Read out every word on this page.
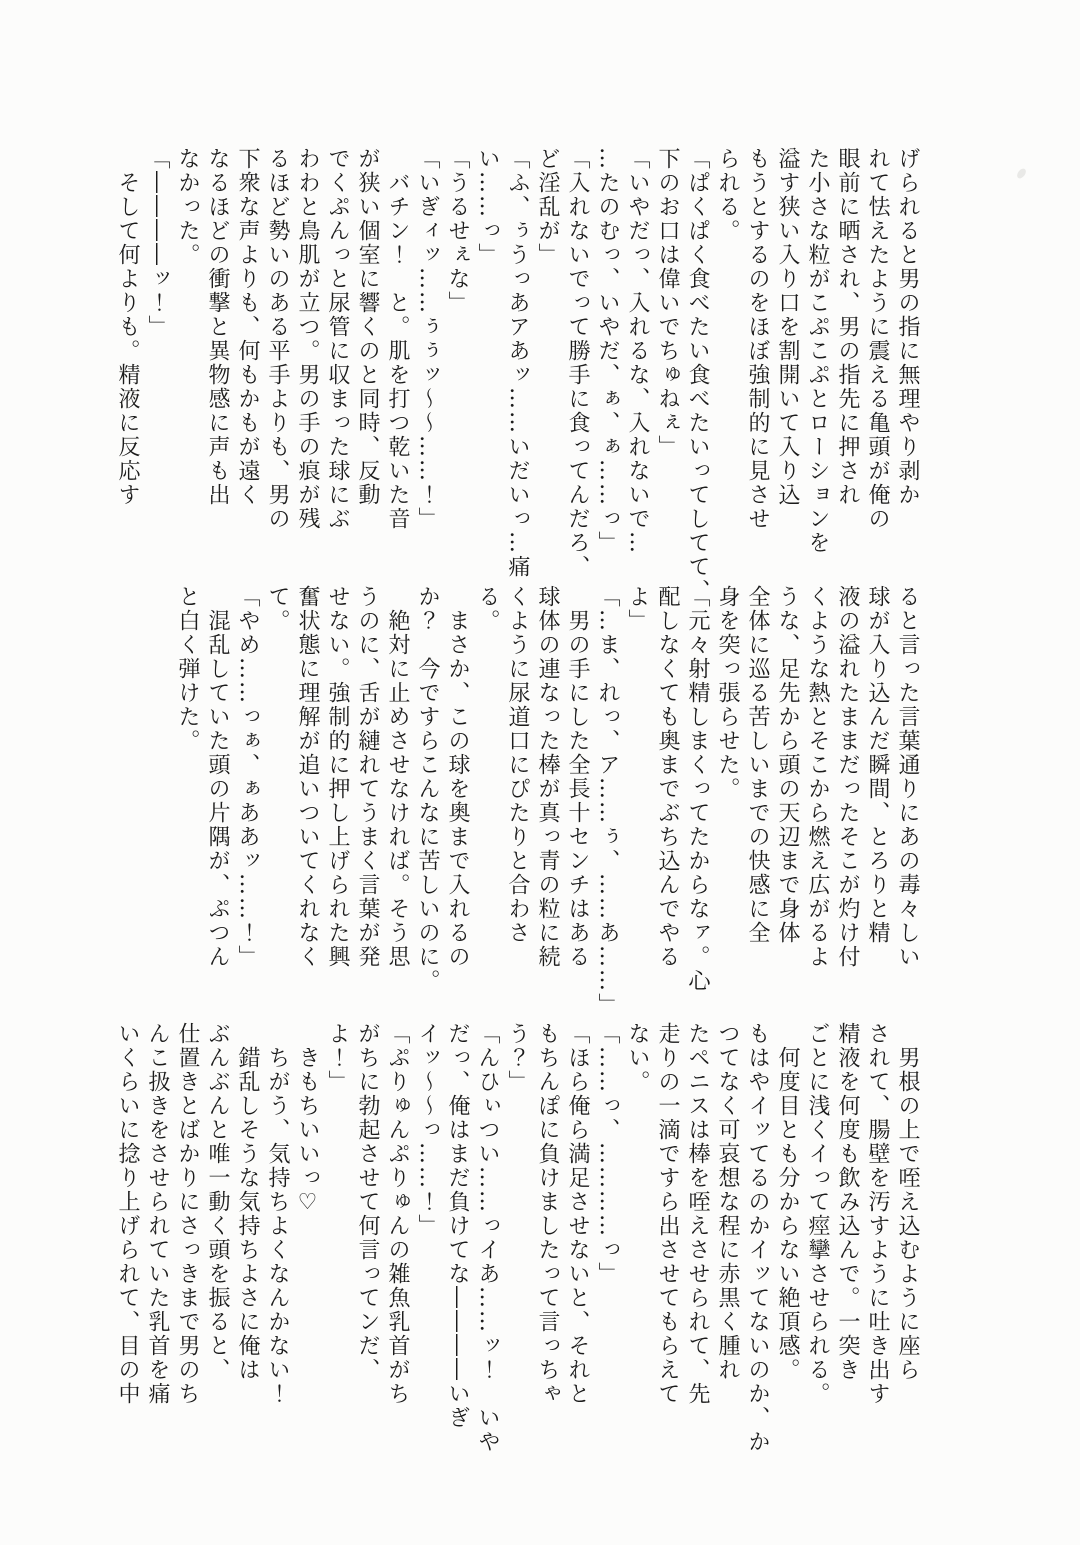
げられると男の指に無理やり剥か
れて怯えたように震える亀頭が俺の
眼前に晒され、男の指先に押され
た小さな粒がこぷこぷとローションを
溢す狭い入り口を割開いて入り込
もうとするのをほぼ強制的に見させ
られる。
「ぱくぱく食べたい食べたいってしてて、
下のお口は偉いでちゅねぇ」
「いやだっ、入れるな、入れないで…
…たのむっ、いやだ、ぁ、ぁ……っ」
「入れないでって勝手に食ってんだろ、
ど淫乱が」
「ふ、ぅうっあアあッ……いだいっ…痛
い……っ」
「うるせぇな」
「いぎィッ……ぅぅッ～～……！」
　バチン！　と。肌を打つ乾いた音
が狭い個室に響くのと同時、反動
でくぷんっと尿管に収まった球にぶ
わわと鳥肌が立つ。男の手の痕が残
るほど勢いのある平手よりも、男の
下衆な声よりも、何もかもが遠く
なるほどの衝撃と異物感に声も出
なかった。
「――――ッ！」
　そして何よりも。精液に反応す
ると言った言葉通りにあの毒々しい
球が入り込んだ瞬間、とろりと精
液の溢れたままだったそこが灼け付
くような熱とそこから燃え広がるよ
うな、足先から頭の天辺まで身体
全体に巡る苦しいまでの快感に全
身を突っ張らせた。
「元々射精しまくってたからなァ。心
配しなくても奥までぶち込んでやる
よ」
「…ま、れっ、ア……ぅ、……あ……」
　男の手にした全長十センチはある
球体の連なった棒が真っ青の粒に続
くように尿道口にぴたりと合わさ
る。
　まさか、この球を奥まで入れるの
か？　今ですらこんなに苦しいのに。
　絶対に止めさせなければ。そう思
うのに、舌が縺れてうまく言葉が発
せない。強制的に押し上げられた興
奮状態に理解が追いついてくれなく
て。
「やめ……っぁ、ぁああッ……！」
　混乱していた頭の片隅が、ぷつん
と白く弾けた。
　男根の上で咥え込むように座ら
されて、腸壁を汚すように吐き出す
精液を何度も飲み込んで。一突き
ごとに浅くイって痙攣させられる。
　何度目とも分からない絶頂感。
もはやイッてるのかイッてないのか、か
つてなく可哀想な程に赤黒く腫れ
たペニスは棒を咥えさせられて、先
走りの一滴ですら出させてもらえて
ない。
「……っ、…………っ」
「ほら俺ら満足させないと、それと
もちんぽに負けましたって言っちゃ
う？」
「んひぃつい……っイあ……ッ！　いや
だっ、俺はまだ負けてな――――いぎ
イッ～～っ……！」
「ぷりゅんぷりゅんの雑魚乳首がち
がちに勃起させて何言ってンだ、
よ！」
　きもちいいっ♡
　ちがう、気持ちよくなんかない！
　錯乱しそうな気持ちよさに俺は
ぶんぶんと唯一動く頭を振ると、
仕置きとばかりにさっきまで男のち
んこ扱きをさせられていた乳首を痛
いくらいに捻り上げられて、目の中
